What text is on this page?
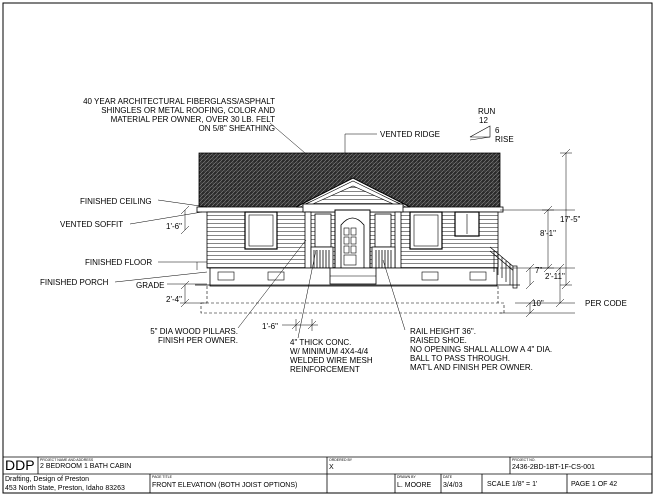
40 YEAR ARCHITECTURAL FIBERGLASS/ASPHALT
SHINGLES OR METAL ROOFING, COLOR AND
MATERIAL PER OWNER, OVER 30 LB. FELT
ON 5/8" SHEATHING
VENTED RIDGE
RUN
12
6
RISE
FINISHED CEILING
VENTED SOFFIT	1'-6"
FINISHED FLOOR
FINISHED PORCH	GRADE
2'-4"
5" DIA WOOD PILLARS.
FINISH PER OWNER.
1'-6"
4" THICK CONC.
W/ MINIMUM 4X4-4/4
WELDED WIRE MESH
REINFORCEMENT
RAIL HEIGHT 36".
RAISED SHOE.
NO OPENING SHALL ALLOW A 4" DIA.
BALL TO PASS THROUGH.
MAT'L AND FINISH PER OWNER.
17'-5"
8'-1"
7"
2'-11"
10"	PER CODE
DDP PROJECT NAME AND ADDRESS
2 BEDROOM 1 BATH CABIN
Drafting, Design of Preston
453 North State, Preston, Idaho 83263
ORDERED BY
X
PROJECT NO.
2436-2BD-1BT-1F-CS-001
PAGE TITLE
FRONT ELEVATION (BOTH JOIST OPTIONS)
DRAWN BY
L. MOORE
DATE
3/4/03	SCALE 1/8" = 1'	PAGE 1 OF 42
